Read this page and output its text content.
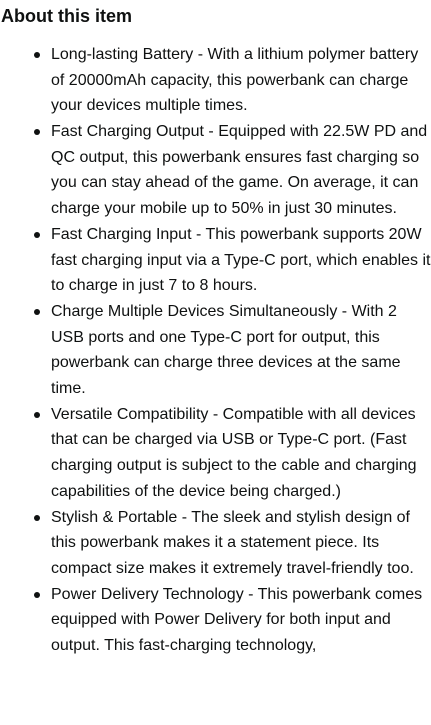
About this item
Long-lasting Battery - With a lithium polymer battery of 20000mAh capacity, this powerbank can charge your devices multiple times.
Fast Charging Output - Equipped with 22.5W PD and QC output, this powerbank ensures fast charging so you can stay ahead of the game. On average, it can charge your mobile up to 50% in just 30 minutes.
Fast Charging Input - This powerbank supports 20W fast charging input via a Type-C port, which enables it to charge in just 7 to 8 hours.
Charge Multiple Devices Simultaneously - With 2 USB ports and one Type-C port for output, this powerbank can charge three devices at the same time.
Versatile Compatibility - Compatible with all devices that can be charged via USB or Type-C port. (Fast charging output is subject to the cable and charging capabilities of the device being charged.)
Stylish & Portable - The sleek and stylish design of this powerbank makes it a statement piece. Its compact size makes it extremely travel-friendly too.
Power Delivery Technology - This powerbank comes equipped with Power Delivery for both input and output. This fast-charging technology,
